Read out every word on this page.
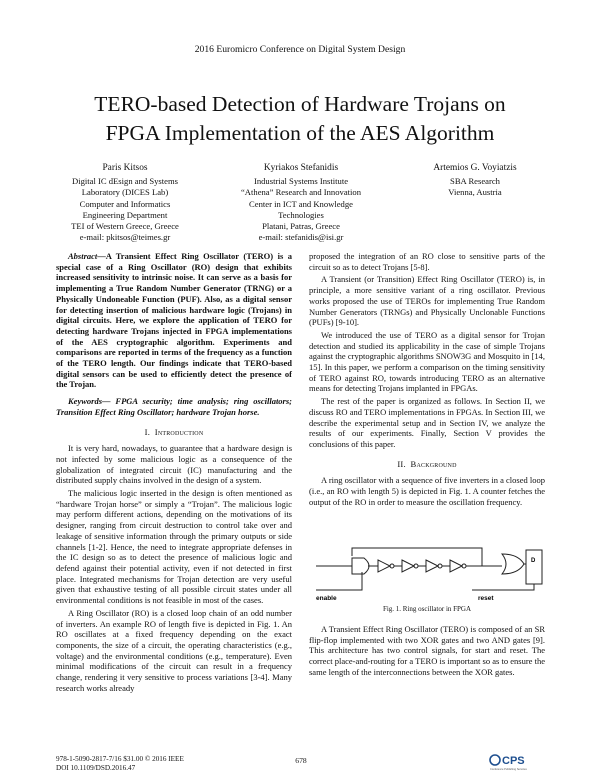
2016 Euromicro Conference on Digital System Design
TERO-based Detection of Hardware Trojans on
FPGA Implementation of the AES Algorithm
Paris Kitsos
Digital IC dEsign and Systems
Laboratory (DICES Lab)
Computer and Informatics
Engineering Department
TEI of Western Greece, Greece
e-mail: pkitsos@teimes.gr
Kyriakos Stefanidis
Industrial Systems Institute
“Athena” Research and Innovation
Center in ICT and Knowledge
Technologies
Platani, Patras, Greece
e-mail: stefanidis@isi.gr
Artemios G. Voyiatzis
SBA Research
Vienna, Austria

Abstract—A Transient Effect Ring Oscillator (TERO) is a special case of a Ring Oscillator (RO) design that exhibits increased sensitivity to intrinsic noise. It can serve as a basis for implementing a True Random Number Generator (TRNG) or a Physically Undoneable Function (PUF). Also, as a digital sensor for detecting insertion of malicious hardware logic (Trojans) in digital circuits. Here, we explore the application of TERO for detecting hardware Trojans injected in FPGA implementations of the AES cryptographic algorithm. Experiments and comparisons are reported in terms of the frequency as a function of the TERO length. Our findings indicate that TERO-based digital sensors can be used to efficiently detect the presence of the Trojan.

Keywords— FPGA security; time analysis; ring oscillators; Transition Effect Ring Oscillator; hardware Trojan horse.

I. Introduction

It is very hard, nowadays, to guarantee that a hardware design is not infected by some malicious logic as a consequence of the globalization of integrated circuit (IC) manufacturing and the distributed supply chains involved in the design of a system.

The malicious logic inserted in the design is often mentioned as “hardware Trojan horse” or simply a “Trojan”. The malicious logic may perform different actions, depending on the motivations of its designer, ranging from circuit destruction to control take over and leakage of sensitive information through the primary outputs or side channels [1-2]. Hence, the need to integrate appropriate defenses in the IC design so as to detect the presence of malicious logic and defend against their potential activity, even if not detected in first place. Integrated mechanisms for Trojan detection are very useful given that exhaustive testing of all possible circuit states under all environmental conditions is not feasible in most of the cases.

A Ring Oscillator (RO) is a closed loop chain of an odd number of inverters. An example RO of length five is depicted in Fig. 1. An RO oscillates at a fixed frequency depending on the exact components, the size of a circuit, the operating characteristics (e.g., voltage) and the environmental conditions (e.g., temperature). Even minimal modifications of the circuit can result in a frequency change, rendering it very sensitive to process variations [3-4]. Many research works already

proposed the integration of an RO close to sensitive parts of the circuit so as to detect Trojans [5-8].

A Transient (or Transition) Effect Ring Oscillator (TERO) is, in principle, a more sensitive variant of a ring oscillator. Previous works proposed the use of TEROs for implementing True Random Number Generators (TRNGs) and Physically Unclonable Functions (PUFs) [9-10].

We introduced the use of TERO as a digital sensor for Trojan detection and studied its applicability in the case of simple Trojans against the cryptographic algorithms SNOW3G and Mosquito in [14, 15]. In this paper, we perform a comparison on the timing sensitivity of TERO against RO, towards introducing TERO as an alternative means for detecting Trojans implanted in FPGAs.

The rest of the paper is organized as follows. In Section II, we discuss RO and TERO implementations in FPGAs. In Section III, we describe the experimental setup and in Section IV, we analyze the results of our experiments. Finally, Section V provides the conclusions of this paper.

II. Background

A ring oscillator with a sequence of five inverters in a closed loop (i.e., an RO with length 5) is depicted in Fig. 1. A counter fetches the output of the RO in order to measure the oscillation frequency.

enable	reset
D
Fig. 1. Ring oscillator in FPGA

A Transient Effect Ring Oscillator (TERO) is composed of an SR flip-flop implemented with two XOR gates and two AND gates [9]. This architecture has two control signals, for start and reset. The correct place-and-routing for a TERO is important so as to ensure the same length of the interconnections between the XOR gates.

978-1-5090-2817-7/16 $31.00 © 2016 IEEE
DOI 10.1109/DSD.2016.47
678	CPS
Conference Publishing Services
